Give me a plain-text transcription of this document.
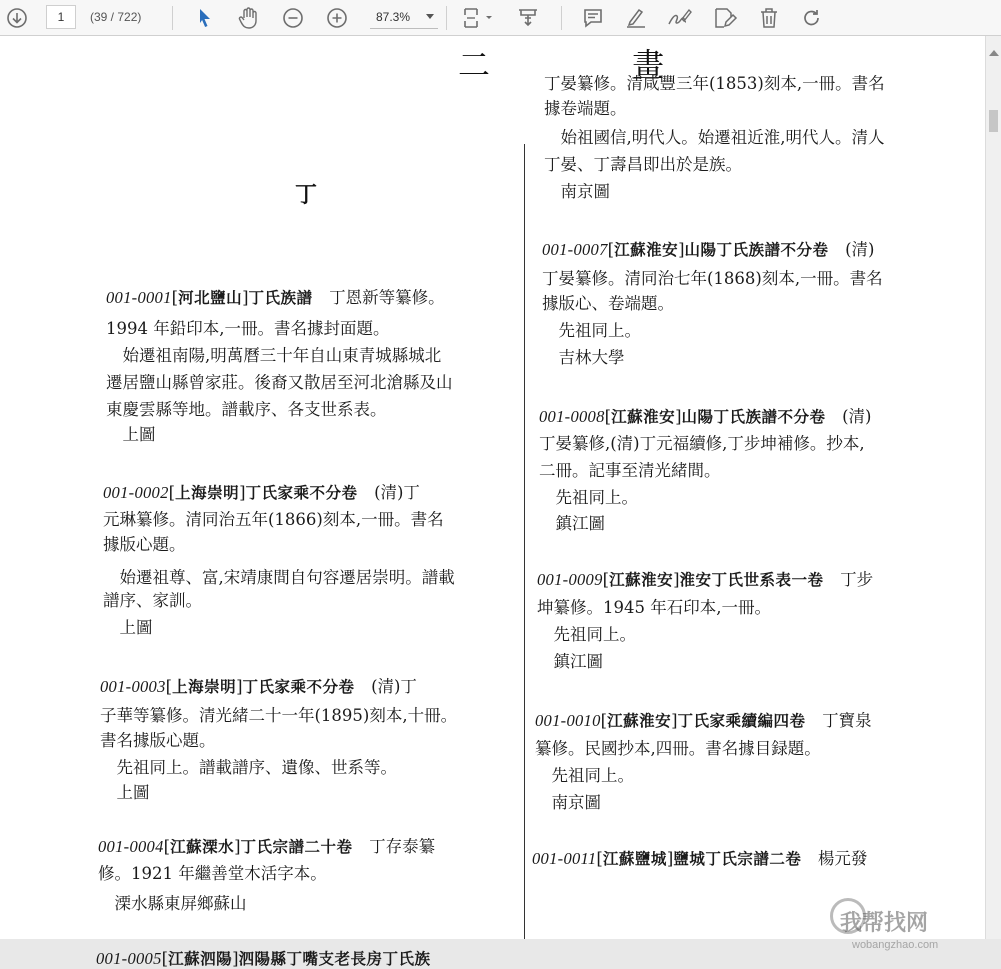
1	(39 / 722)	87.3%
二 畫
丁
001-0001[河北鹽山]丁氏族譜　丁恩新等纂修。
1994 年鉛印本,一冊。書名據封面題。
　始遷祖南陽,明萬曆三十年自山東青城縣城北
遷居鹽山縣曾家莊。後裔又散居至河北滄縣及山
東慶雲縣等地。譜載序、各支世系表。
　上圖
001-0002[上海崇明]丁氏家乘不分卷　(清)丁
元琳纂修。清同治五年(1866)刻本,一冊。書名
據版心題。
　始遷祖尊、富,宋靖康間自句容遷居崇明。譜載
譜序、家訓。
　上圖
001-0003[上海崇明]丁氏家乘不分卷　(清)丁
子華等纂修。清光緒二十一年(1895)刻本,十冊。
書名據版心題。
　先祖同上。譜載譜序、遺像、世系等。
　上圖
001-0004[江蘇溧水]丁氏宗譜二十卷　丁存泰纂
修。1921 年繼善堂木活字本。
　溧水縣東屏鄉蘇山
001-0005[江蘇泗陽]泗陽縣丁嘴支老長房丁氏族
丁晏纂修。清咸豐三年(1853)刻本,一冊。書名
據卷端題。
　始祖國信,明代人。始遷祖近淮,明代人。清人
丁晏、丁壽昌即出於是族。
　南京圖
001-0007[江蘇淮安]山陽丁氏族譜不分卷　(清)
丁晏纂修。清同治七年(1868)刻本,一冊。書名
據版心、卷端題。
　先祖同上。
　吉林大學
001-0008[江蘇淮安]山陽丁氏族譜不分卷　(清)
丁晏纂修,(清)丁元福續修,丁步坤補修。抄本,
二冊。記事至清光緒間。
　先祖同上。
　鎮江圖
001-0009[江蘇淮安]淮安丁氏世系表一卷　丁步
坤纂修。1945 年石印本,一冊。
　先祖同上。
　鎮江圖
001-0010[江蘇淮安]丁氏家乘續編四卷　丁寶泉
纂修。民國抄本,四冊。書名據目録題。
　先祖同上。
　南京圖
001-0011[江蘇鹽城]鹽城丁氏宗譜二卷　楊元發
我帮找网
wobangzhao.com
